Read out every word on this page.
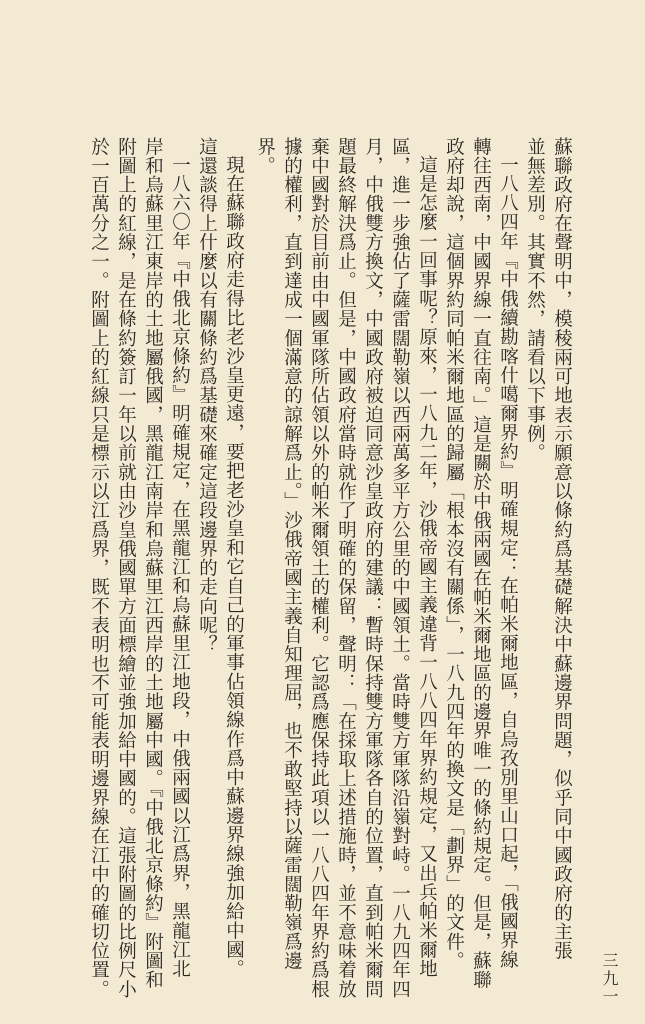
蘇聯政府在聲明中，模稜兩可地表示願意以條約爲基礎解決中蘇邊界問題，似乎同中國政府的主張
並無差別。其實不然，請看以下事例。
一八八四年『中俄續勘喀什噶爾界約』明確規定：在帕米爾地區，自烏孜別里山口起，「俄國界線
轉往西南，中國界線一直往南。」這是關於中俄兩國在帕米爾地區的邊界唯一的條約規定。但是，蘇聯
政府却說，這個界約同帕米爾地區的歸屬「根本沒有關係」，一八九四年的換文是「劃界」的文件。
這是怎麼一回事呢？原來，一八九二年，沙俄帝國主義違背一八八四年界約規定，又出兵帕米爾地
區，進一步強佔了薩雷闊勒嶺以西兩萬多平方公里的中國領土。當時雙方軍隊沿嶺對峙。一八九四年四
月，中俄雙方換文，中國政府被迫同意沙皇政府的建議：暫時保持雙方軍隊各自的位置，直到帕米爾問
題最終解決爲止。但是，中國政府當時就作了明確的保留，聲明：「在採取上述措施時，並不意味着放
棄中國對於目前由中國軍隊所佔領以外的帕米爾領土的權利。它認爲應保持此項以一八八四年界約爲根
據的權利，直到達成一個滿意的諒解爲止。」沙俄帝國主義自知理屈，也不敢堅持以薩雷闊勒嶺爲邊
界。
現在蘇聯政府走得比老沙皇更遠，要把老沙皇和它自己的軍事佔領線作爲中蘇邊界線強加給中國。
這還談得上什麼以有關條約爲基礎來確定這段邊界的走向呢？
一八六〇年『中俄北京條約』明確規定，在黑龍江和烏蘇里江地段，中俄兩國以江爲界，黑龍江北
岸和烏蘇里江東岸的土地屬俄國，黑龍江南岸和烏蘇里江西岸的土地屬中國。『中俄北京條約』附圖和
附圖上的紅線，是在條約簽訂一年以前就由沙皇俄國單方面標繪並強加給中國的。這張附圖的比例尺小
於一百萬分之一。附圖上的紅線只是標示以江爲界，既不表明也不可能表明邊界線在江中的確切位置。	三九一
